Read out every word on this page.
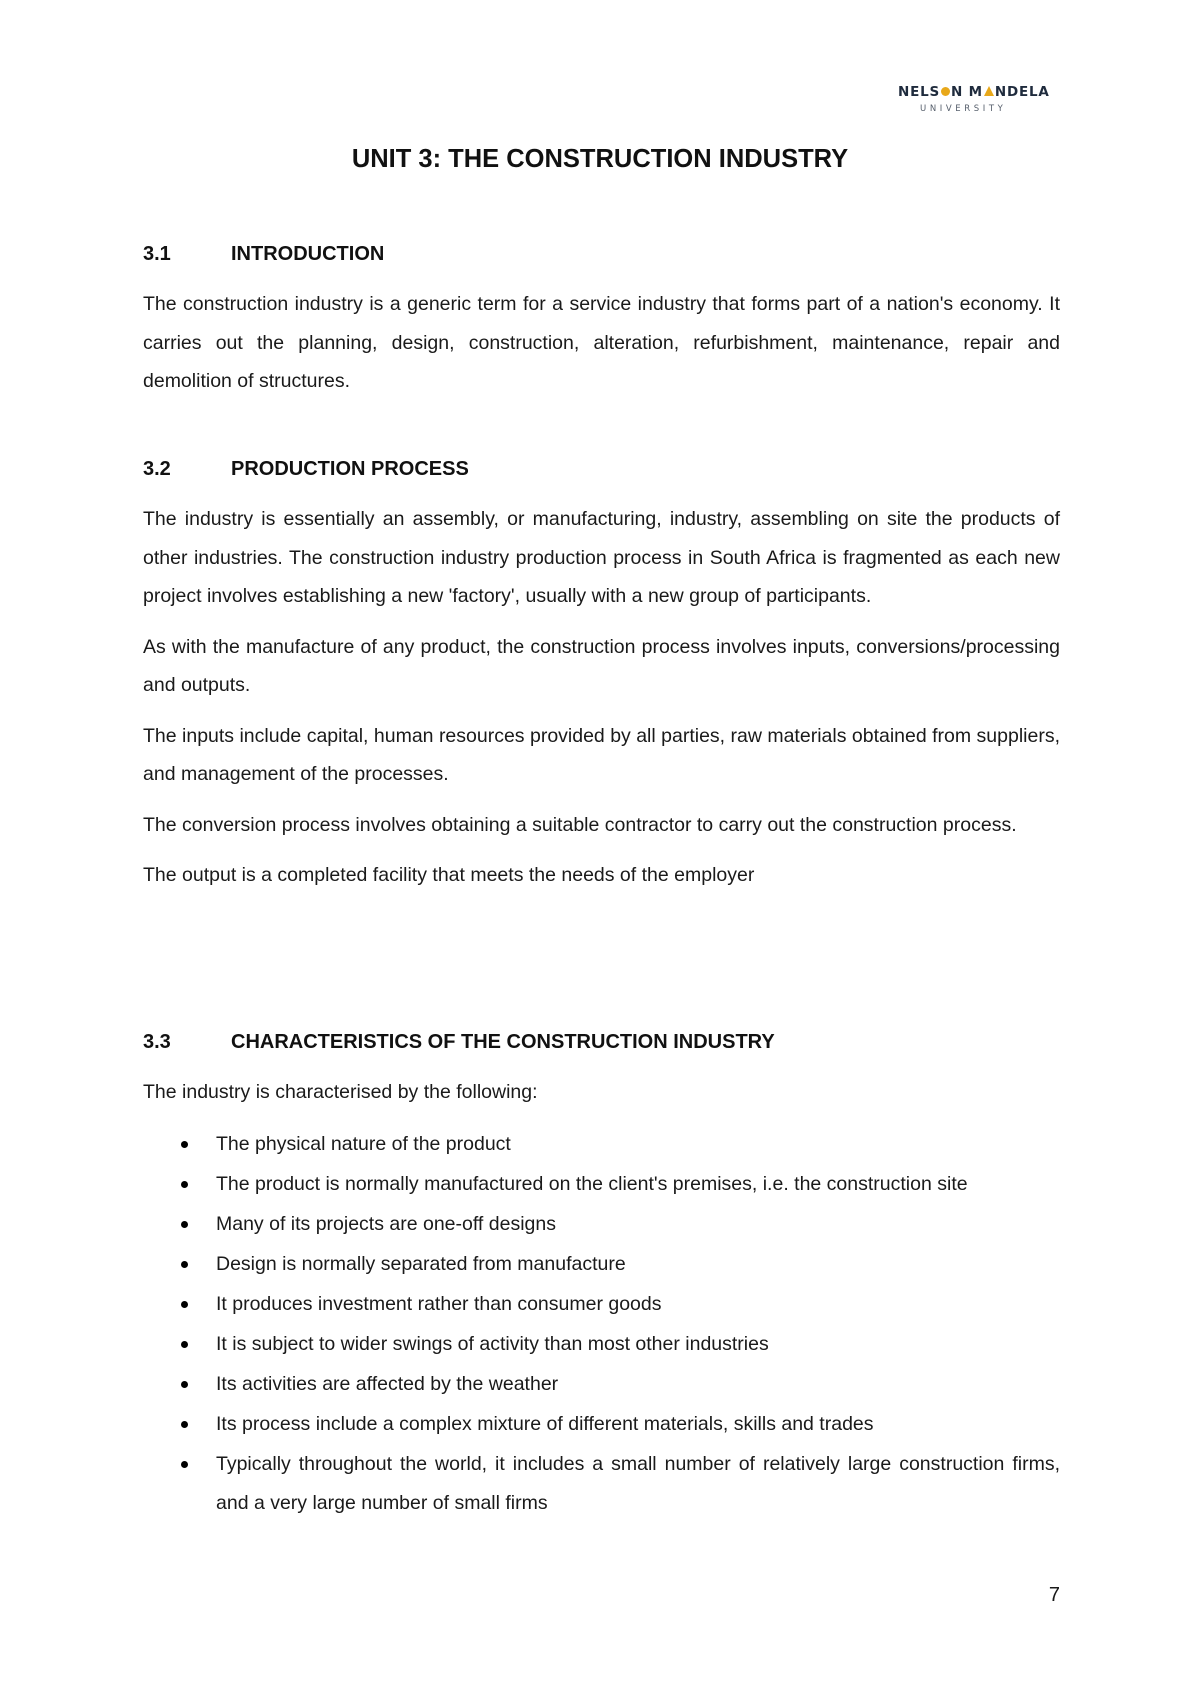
NELS N M NDELA
UNIVERSITY
UNIT 3: THE CONSTRUCTION INDUSTRY
3.1	INTRODUCTION

The construction industry is a generic term for a service industry that forms part of a nation's economy. It carries out the planning, design, construction, alteration, refurbishment, maintenance, repair and demolition of structures.

3.2	PRODUCTION PROCESS

The industry is essentially an assembly, or manufacturing, industry, assembling on site the products of other industries. The construction industry production process in South Africa is fragmented as each new project involves establishing a new 'factory', usually with a new group of participants.

As with the manufacture of any product, the construction process involves inputs, conversions/processing and outputs.

The inputs include capital, human resources provided by all parties, raw materials obtained from suppliers, and management of the processes.

The conversion process involves obtaining a suitable contractor to carry out the construction process.

The output is a completed facility that meets the needs of the employer

3.3	CHARACTERISTICS OF THE CONSTRUCTION INDUSTRY

The industry is characterised by the following:

The physical nature of the product
The product is normally manufactured on the client's premises, i.e. the construction site
Many of its projects are one-off designs
Design is normally separated from manufacture
It produces investment rather than consumer goods
It is subject to wider swings of activity than most other industries
Its activities are affected by the weather
Its process include a complex mixture of different materials, skills and trades
Typically throughout the world, it includes a small number of relatively large construction firms, and a very large number of small firms

7
